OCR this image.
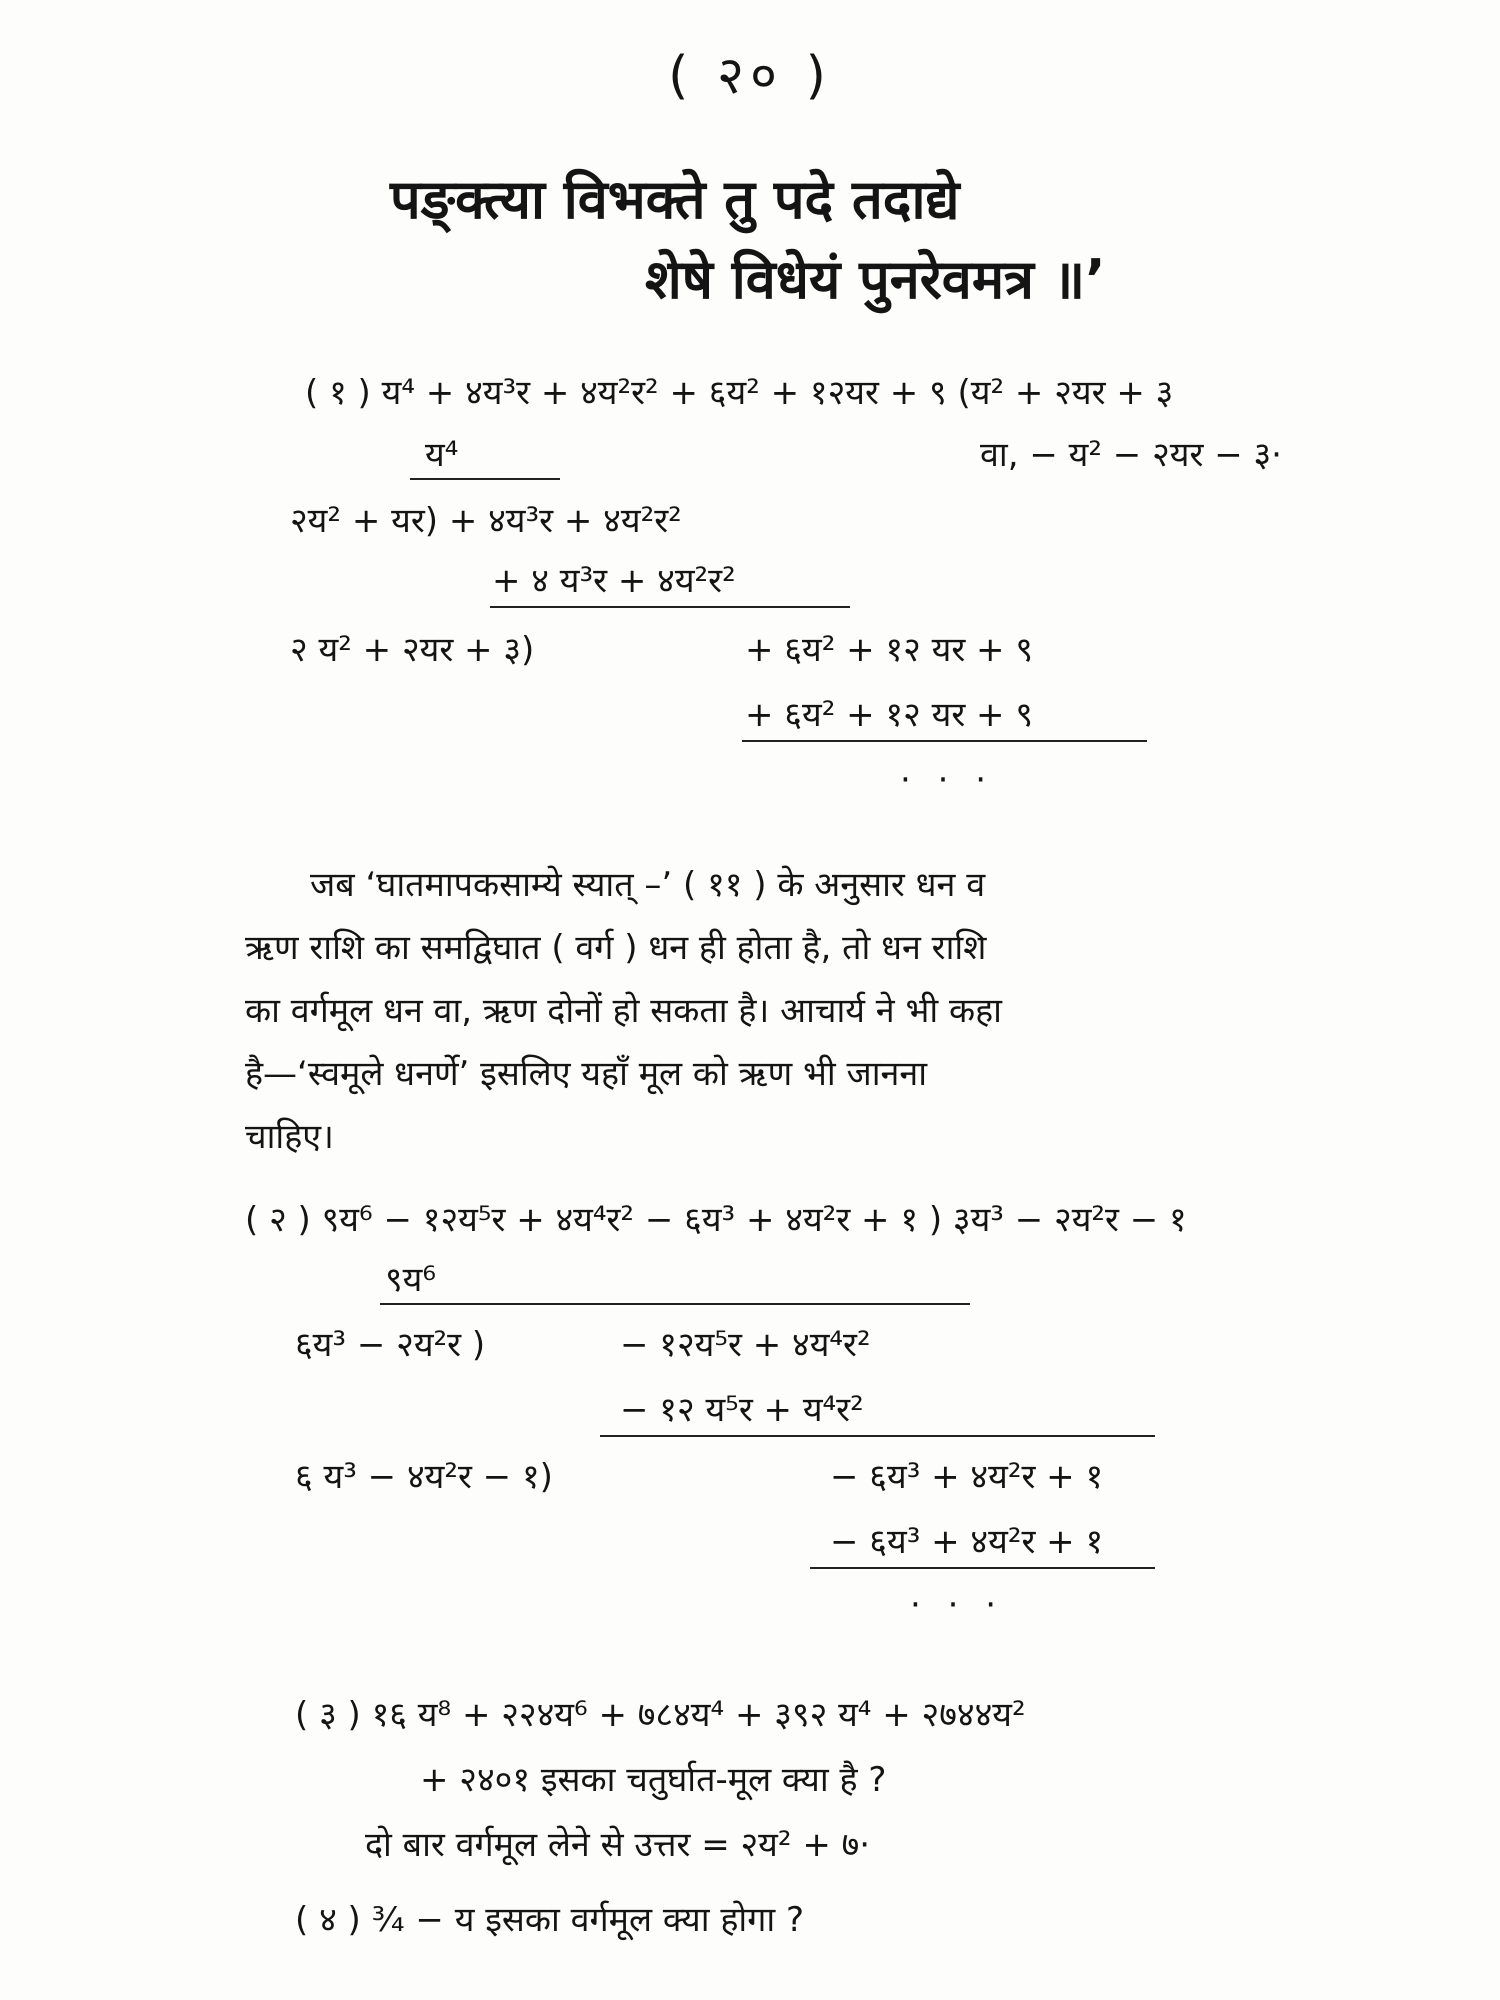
( २० )
पङ्क्त्या विभक्ते तु पदे तदाद्ये
शेषे विधेयं पुनरेवमत्र ॥’
( १ ) य⁴ + ४य³र + ४य²र² + ६य² + १२यर + ९ (य² + २यर + ३
य⁴	वा, − य² − २यर − ३·
२य² + यर) + ४य³र + ४य²र²
+ ४ य³र + ४य²र²
२ य² + २यर + ३)	+ ६य² + १२ यर + ९
+ ६य² + १२ यर + ९
· · ·
जब ‘घातमापकसाम्ये स्यात् –’ ( ११ ) के अनुसार धन व
ऋण राशि का समद्विघात ( वर्ग ) धन ही होता है, तो धन राशि
का वर्गमूल धन वा, ऋण दोनों हो सकता है। आचार्य ने भी कहा
है—‘स्वमूले धनर्णे’ इसलिए यहाँ मूल को ऋण भी जानना
चाहिए।
( २ ) ९य⁶ − १२य⁵र + ४य⁴र² − ६य³ + ४य²र + १ ) ३य³ − २य²र − १
९य⁶
६य³ − २य²र )	− १२य⁵र + ४य⁴र²
− १२ य⁵र + य⁴र²
६ य³ − ४य²र − १)	− ६य³ + ४य²र + १
− ६य³ + ४य²र + १
· · ·
( ३ ) १६ य⁸ + २२४य⁶ + ७८४य⁴ + ३९२ य⁴ + २७४४य²
+ २४०१ इसका चतुर्घात-मूल क्या है ?
दो बार वर्गमूल लेने से उत्तर = २य² + ७·
( ४ ) ¾ − य इसका वर्गमूल क्या होगा ?
